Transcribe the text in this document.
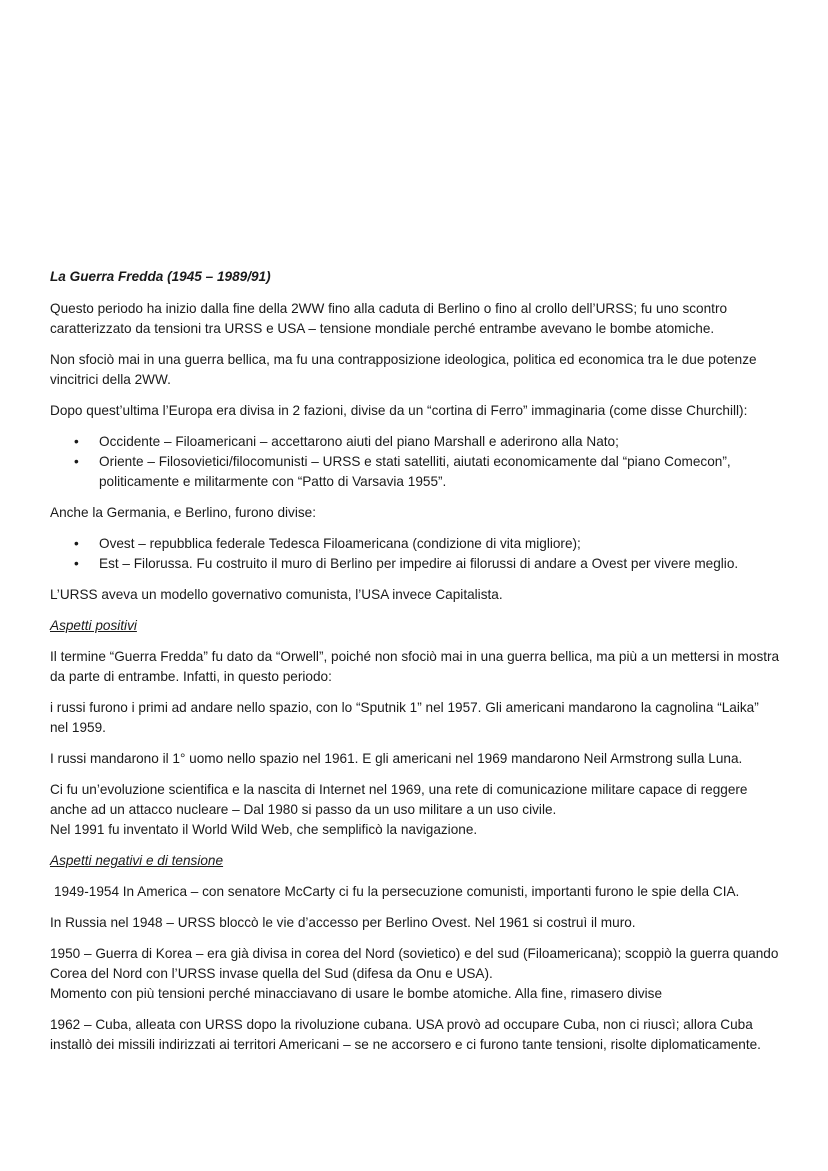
La Guerra Fredda (1945 – 1989/91)

Questo periodo ha inizio dalla fine della 2WW fino alla caduta di Berlino o fino al crollo dell’URSS; fu uno scontro caratterizzato da tensioni tra URSS e USA – tensione mondiale perché entrambe avevano le bombe atomiche.

Non sfociò mai in una guerra bellica, ma fu una contrapposizione ideologica, politica ed economica tra le due potenze vincitrici della 2WW.

Dopo quest’ultima l’Europa era divisa in 2 fazioni, divise da un “cortina di Ferro” immaginaria (come disse Churchill):

• Occidente – Filoamericani – accettarono aiuti del piano Marshall e aderirono alla Nato;
• Oriente – Filosovietici/filocomunisti – URSS e stati satelliti, aiutati economicamente dal “piano Comecon”, politicamente e militarmente con “Patto di Varsavia 1955”.

Anche la Germania, e Berlino, furono divise:

• Ovest – repubblica federale Tedesca Filoamericana (condizione di vita migliore);
• Est – Filorussa. Fu costruito il muro di Berlino per impedire ai filorussi di andare a Ovest per vivere meglio.

L’URSS aveva un modello governativo comunista, l’USA invece Capitalista.

Aspetti positivi

Il termine “Guerra Fredda” fu dato da “Orwell”, poiché non sfociò mai in una guerra bellica, ma più a un mettersi in mostra da parte di entrambe. Infatti, in questo periodo:

i russi furono i primi ad andare nello spazio, con lo “Sputnik 1” nel 1957. Gli americani mandarono la cagnolina “Laika” nel 1959.

I russi mandarono il 1° uomo nello spazio nel 1961. E gli americani nel 1969 mandarono Neil Armstrong sulla Luna.

Ci fu un’evoluzione scientifica e la nascita di Internet nel 1969, una rete di comunicazione militare capace di reggere anche ad un attacco nucleare – Dal 1980 si passo da un uso militare a un uso civile.
Nel 1991 fu inventato il World Wild Web, che semplificò la navigazione.

Aspetti negativi e di tensione

1949-1954 In America – con senatore McCarty ci fu la persecuzione comunisti, importanti furono le spie della CIA.

In Russia nel 1948 – URSS bloccò le vie d’accesso per Berlino Ovest. Nel 1961 si costruì il muro.

1950 – Guerra di Korea – era già divisa in corea del Nord (sovietico) e del sud (Filoamericana); scoppiò la guerra quando Corea del Nord con l’URSS invase quella del Sud (difesa da Onu e USA).
Momento con più tensioni perché minacciavano di usare le bombe atomiche. Alla fine, rimasero divise

1962 – Cuba, alleata con URSS dopo la rivoluzione cubana. USA provò ad occupare Cuba, non ci riuscì; allora Cuba installò dei missili indirizzati ai territori Americani – se ne accorsero e ci furono tante tensioni, risolte diplomaticamente.
